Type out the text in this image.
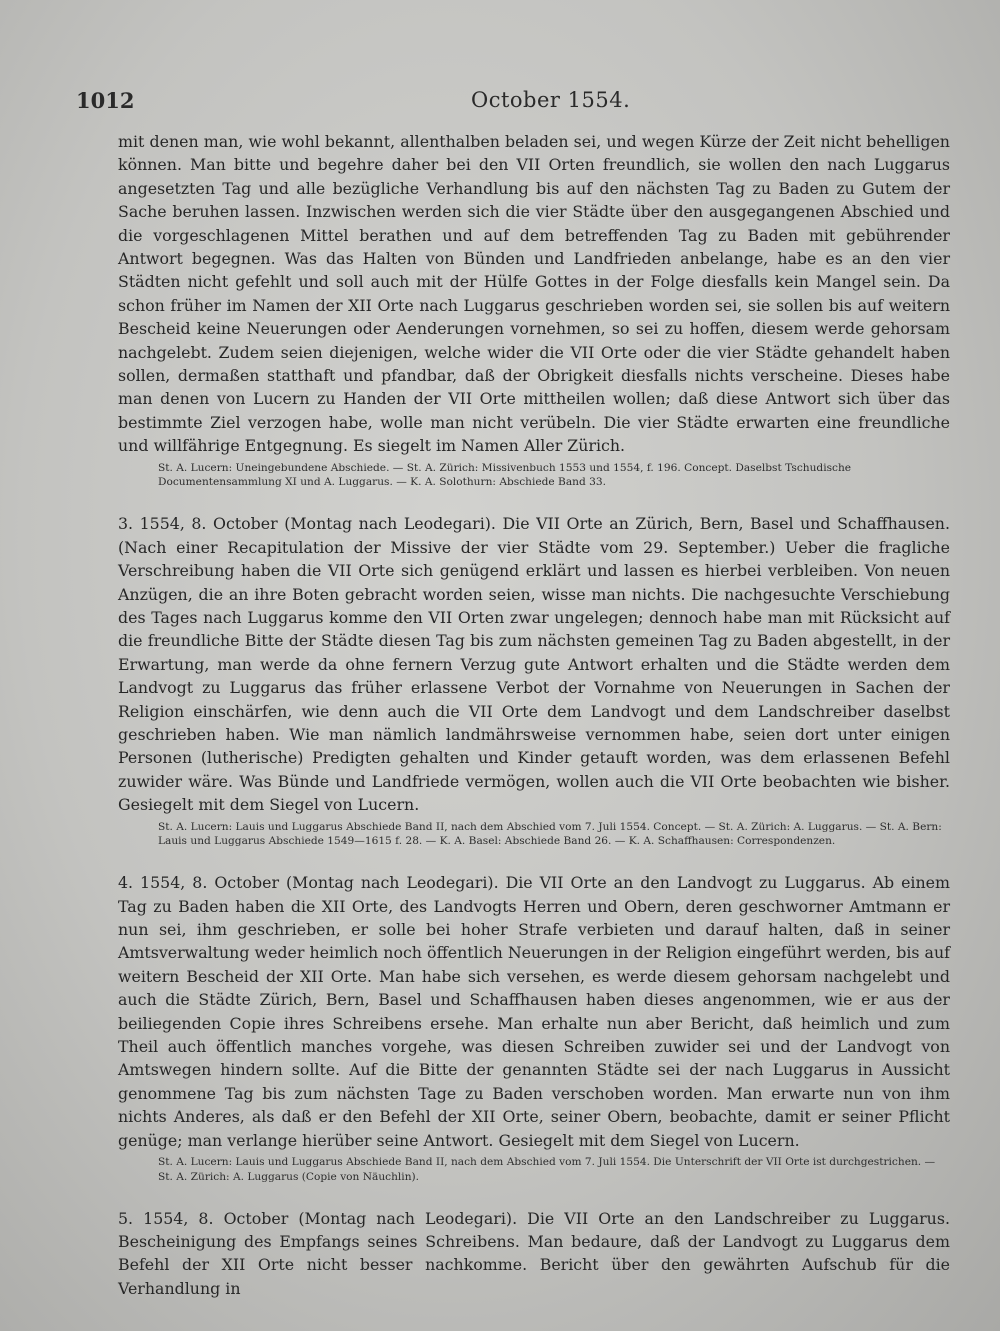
1012	October 1554.

mit denen man, wie wohl bekannt, allenthalben beladen sei, und wegen Kürze der Zeit nicht behelligen können. Man bitte und begehre daher bei den VII Orten freundlich, sie wollen den nach Luggarus angesetzten Tag und alle bezügliche Verhandlung bis auf den nächsten Tag zu Baden zu Gutem der Sache beruhen lassen. Inzwischen werden sich die vier Städte über den ausgegangenen Abschied und die vorgeschlagenen Mittel berathen und auf dem betreffenden Tag zu Baden mit gebührender Antwort begegnen. Was das Halten von Bünden und Landfrieden anbelange, habe es an den vier Städten nicht gefehlt und soll auch mit der Hülfe Gottes in der Folge diesfalls kein Mangel sein. Da schon früher im Namen der XII Orte nach Luggarus geschrieben worden sei, sie sollen bis auf weitern Bescheid keine Neuerungen oder Aenderungen vornehmen, so sei zu hoffen, diesem werde gehorsam nachgelebt. Zudem seien diejenigen, welche wider die VII Orte oder die vier Städte gehandelt haben sollen, dermaßen statthaft und pfandbar, daß der Obrigkeit diesfalls nichts verscheine. Dieses habe man denen von Lucern zu Handen der VII Orte mittheilen wollen; daß diese Antwort sich über das bestimmte Ziel verzogen habe, wolle man nicht verübeln. Die vier Städte erwarten eine freundliche und willfährige Entgegnung. Es siegelt im Namen Aller Zürich.

St. A. Lucern: Uneingebundene Abschiede. — St. A. Zürich: Missivenbuch 1553 und 1554, f. 196. Concept. Daselbst Tschudische Documentensammlung XI und A. Luggarus. — K. A. Solothurn: Abschiede Band 33.

3. 1554, 8. October (Montag nach Leodegari). Die VII Orte an Zürich, Bern, Basel und Schaffhausen. (Nach einer Recapitulation der Missive der vier Städte vom 29. September.) Ueber die fragliche Verschreibung haben die VII Orte sich genügend erklärt und lassen es hierbei verbleiben. Von neuen Anzügen, die an ihre Boten gebracht worden seien, wisse man nichts. Die nachgesuchte Verschiebung des Tages nach Luggarus komme den VII Orten zwar ungelegen; dennoch habe man mit Rücksicht auf die freundliche Bitte der Städte diesen Tag bis zum nächsten gemeinen Tag zu Baden abgestellt, in der Erwartung, man werde da ohne fernern Verzug gute Antwort erhalten und die Städte werden dem Landvogt zu Luggarus das früher erlassene Verbot der Vornahme von Neuerungen in Sachen der Religion einschärfen, wie denn auch die VII Orte dem Landvogt und dem Landschreiber daselbst geschrieben haben. Wie man nämlich landmährsweise vernommen habe, seien dort unter einigen Personen (lutherische) Predigten gehalten und Kinder getauft worden, was dem erlassenen Befehl zuwider wäre. Was Bünde und Landfriede vermögen, wollen auch die VII Orte beobachten wie bisher. Gesiegelt mit dem Siegel von Lucern.

St. A. Lucern: Lauis und Luggarus Abschiede Band II, nach dem Abschied vom 7. Juli 1554. Concept. — St. A. Zürich: A. Luggarus. — St. A. Bern: Lauis und Luggarus Abschiede 1549—1615 f. 28. — K. A. Basel: Abschiede Band 26. — K. A. Schaffhausen: Correspondenzen.

4. 1554, 8. October (Montag nach Leodegari). Die VII Orte an den Landvogt zu Luggarus. Ab einem Tag zu Baden haben die XII Orte, des Landvogts Herren und Obern, deren geschworner Amtmann er nun sei, ihm geschrieben, er solle bei hoher Strafe verbieten und darauf halten, daß in seiner Amtsverwaltung weder heimlich noch öffentlich Neuerungen in der Religion eingeführt werden, bis auf weitern Bescheid der XII Orte. Man habe sich versehen, es werde diesem gehorsam nachgelebt und auch die Städte Zürich, Bern, Basel und Schaffhausen haben dieses angenommen, wie er aus der beiliegenden Copie ihres Schreibens ersehe. Man erhalte nun aber Bericht, daß heimlich und zum Theil auch öffentlich manches vorgehe, was diesen Schreiben zuwider sei und der Landvogt von Amtswegen hindern sollte. Auf die Bitte der genannten Städte sei der nach Luggarus in Aussicht genommene Tag bis zum nächsten Tage zu Baden verschoben worden. Man erwarte nun von ihm nichts Anderes, als daß er den Befehl der XII Orte, seiner Obern, beobachte, damit er seiner Pflicht genüge; man verlange hierüber seine Antwort. Gesiegelt mit dem Siegel von Lucern.

St. A. Lucern: Lauis und Luggarus Abschiede Band II, nach dem Abschied vom 7. Juli 1554. Die Unterschrift der VII Orte ist durchgestrichen. — St. A. Zürich: A. Luggarus (Copie von Näuchlin).

5. 1554, 8. October (Montag nach Leodegari). Die VII Orte an den Landschreiber zu Luggarus. Bescheinigung des Empfangs seines Schreibens. Man bedaure, daß der Landvogt zu Luggarus dem Befehl der XII Orte nicht besser nachkomme. Bericht über den gewährten Aufschub für die Verhandlung in
